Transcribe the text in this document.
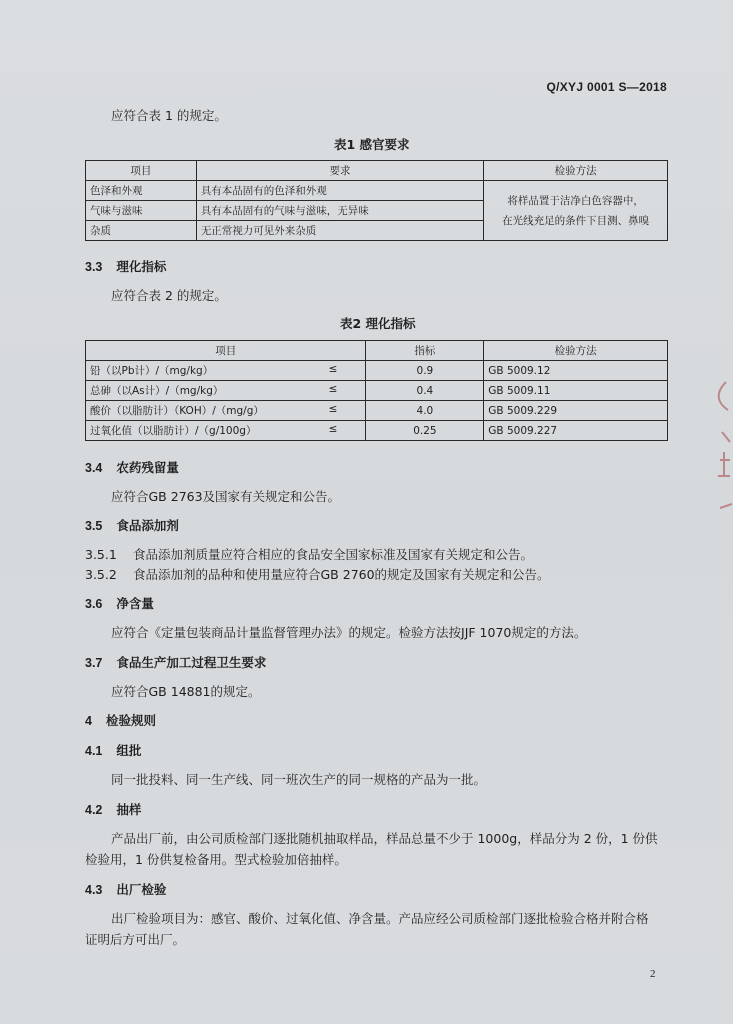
Q/XYJ 0001 S—2018
应符合表 1 的规定。
表1 感官要求
项目	要求	检验方法
色泽和外观	具有本品固有的色泽和外观	将样品置于洁净白色容器中，
在光线充足的条件下目测、鼻嗅

气味与滋味	具有本品固有的气味与滋味，无异味	
杂质	无正常视力可见外来杂质	
3.3 理化指标
应符合表 2 的规定。
表2 理化指标
项目	指标	检验方法
铅（以Pb计）/（mg/kg） ≤	0.9	GB 5009.12
总砷（以As计）/（mg/kg） ≤	0.4	GB 5009.11
酸价（以脂肪计）（KOH）/（mg/g） ≤	4.0	GB 5009.229
过氧化值（以脂肪计）/（g/100g） ≤	0.25	GB 5009.227
3.4 农药残留量
应符合GB 2763及国家有关规定和公告。
3.5 食品添加剂
3.5.1 食品添加剂质量应符合相应的食品安全国家标准及国家有关规定和公告。
3.5.2 食品添加剂的品种和使用量应符合GB 2760的规定及国家有关规定和公告。
3.6 净含量
应符合《定量包装商品计量监督管理办法》的规定。检验方法按JJF 1070规定的方法。
3.7 食品生产加工过程卫生要求
应符合GB 14881的规定。
4 检验规则
4.1 组批
同一批投料、同一生产线、同一班次生产的同一规格的产品为一批。
4.2 抽样
产品出厂前，由公司质检部门逐批随机抽取样品，样品总量不少于 1000g，样品分为 2 份，1 份供
检验用，1 份供复检备用。型式检验加倍抽样。
4.3 出厂检验
出厂检验项目为：感官、酸价、过氧化值、净含量。产品应经公司质检部门逐批检验合格并附合格
证明后方可出厂。
2
